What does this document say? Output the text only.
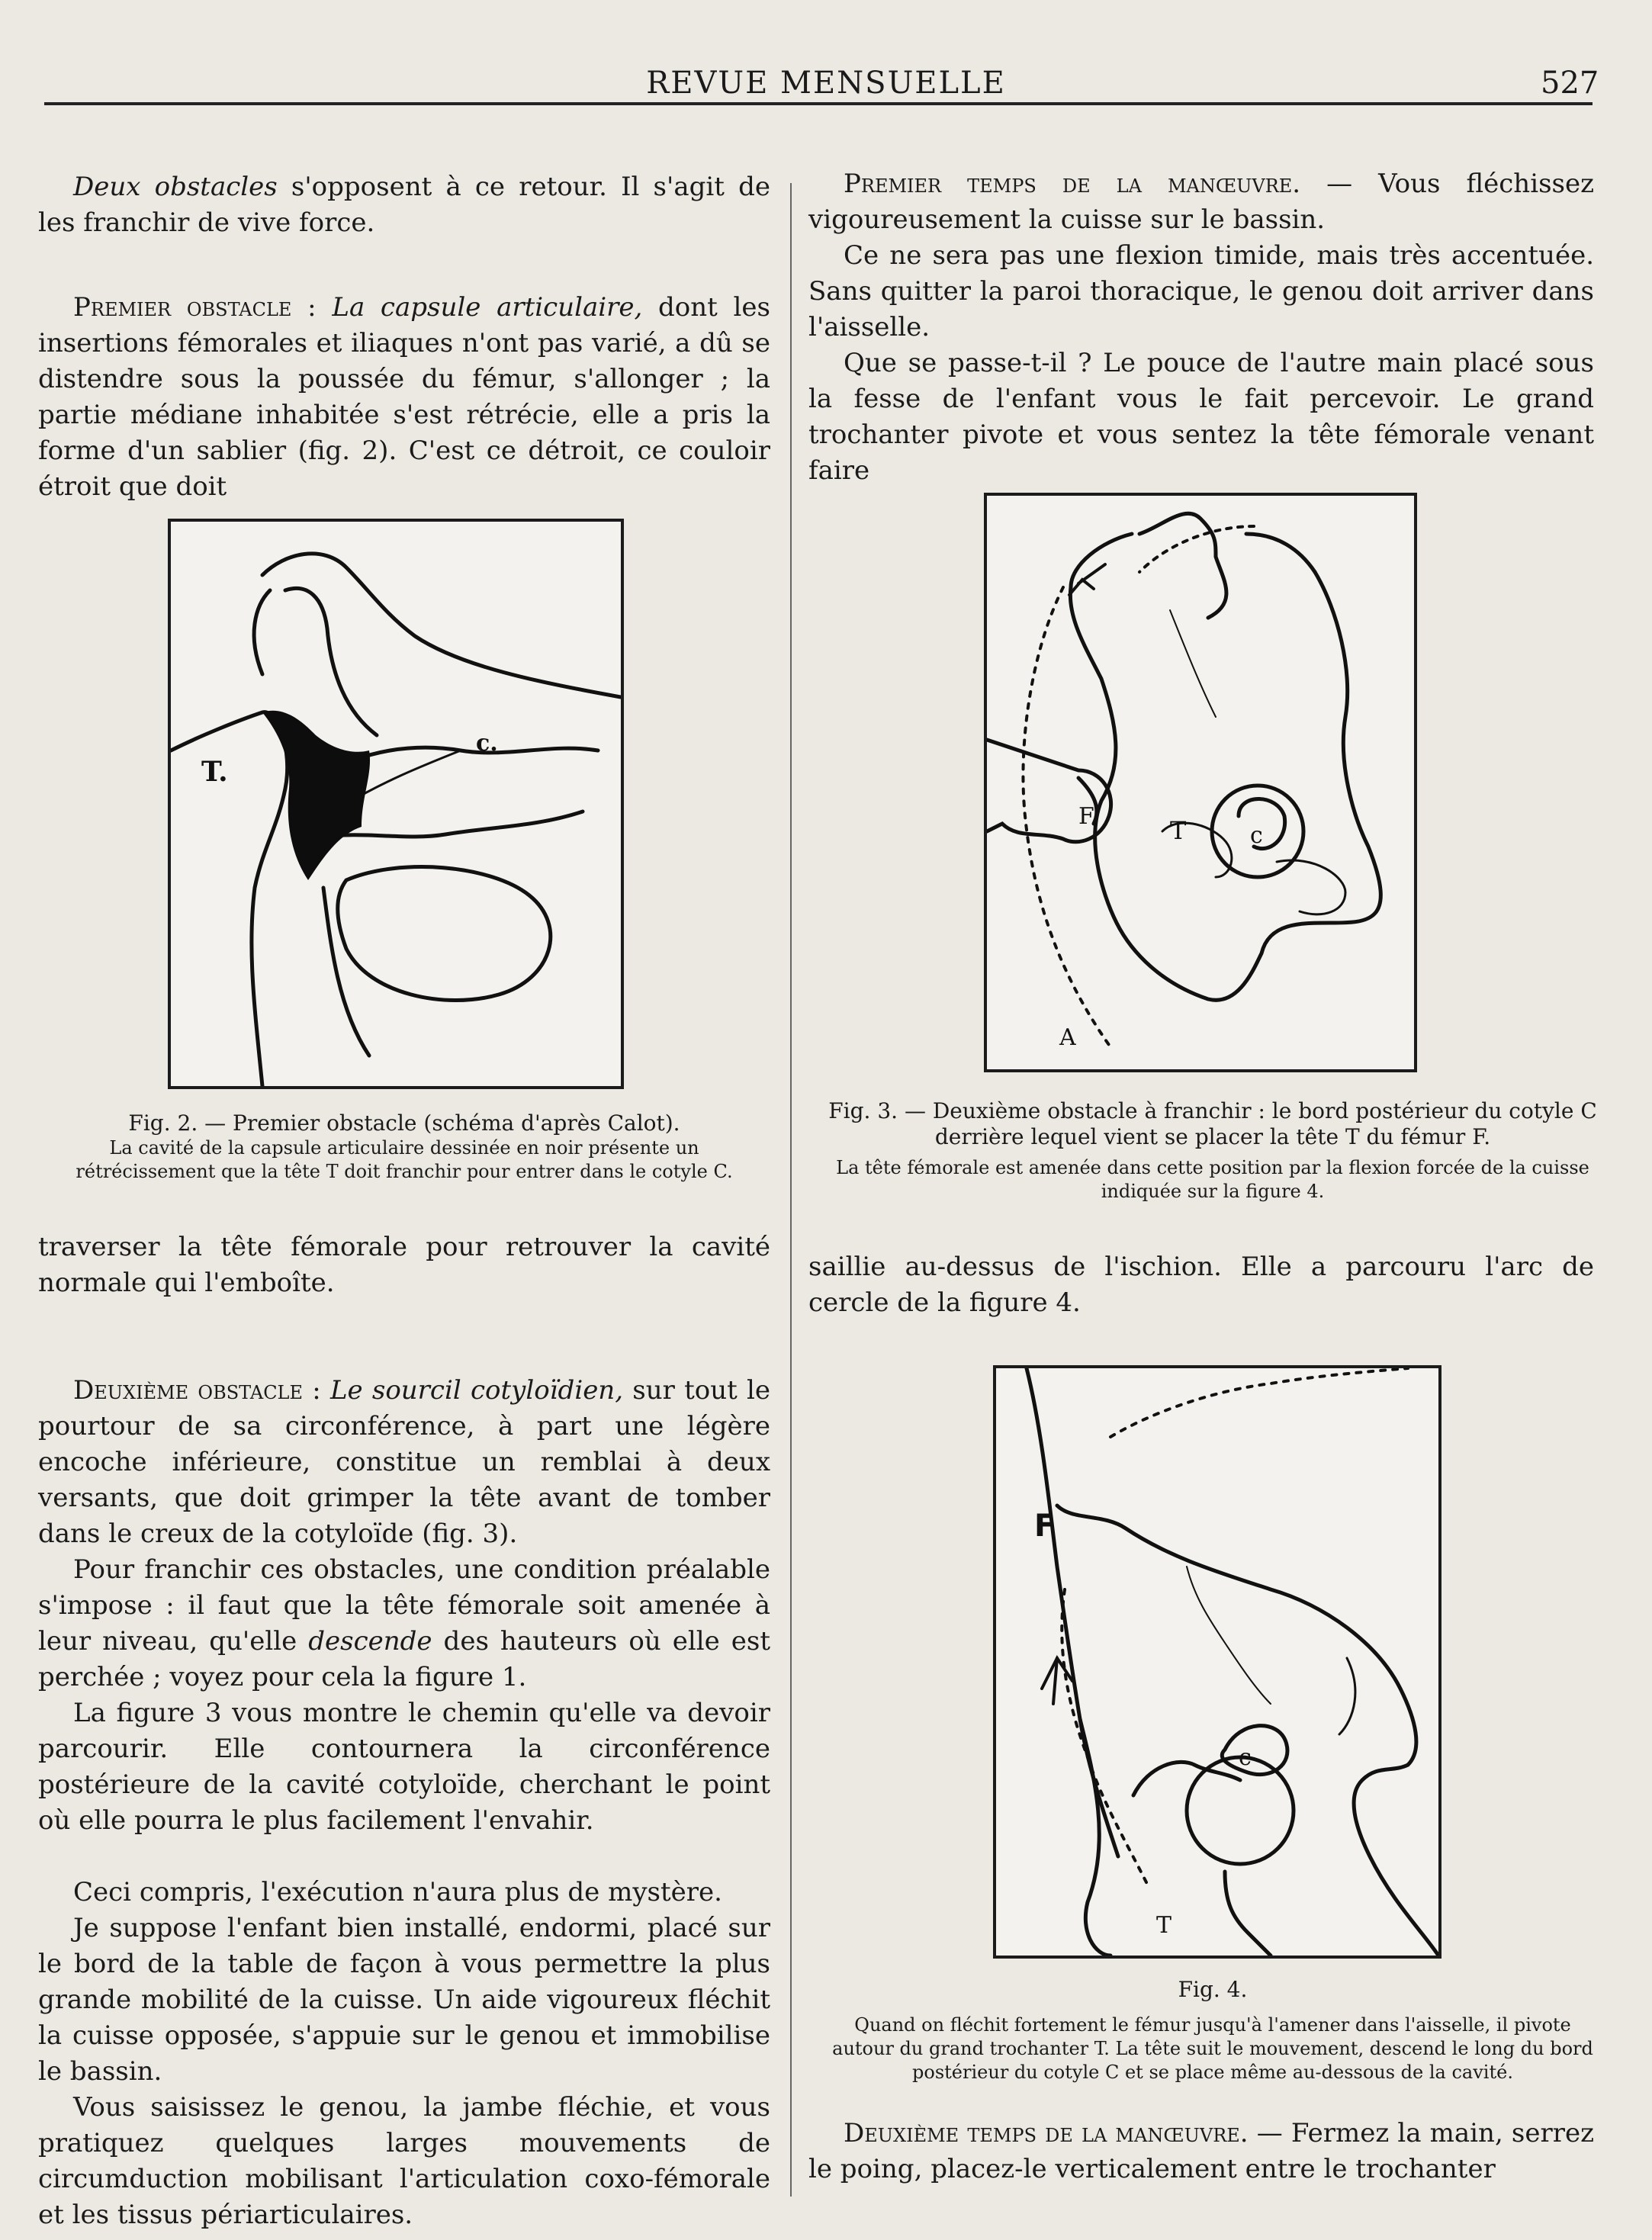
REVUE MENSUELLE	527

Deux obstacles s'opposent à ce retour. Il s'agit de les franchir de vive force.

Premier obstacle : La capsule articulaire, dont les insertions fémorales et iliaques n'ont pas varié, a dû se distendre sous la poussée du fémur, s'allonger ; la partie médiane inhabitée s'est rétrécie, elle a pris la forme d'un sablier (fig. 2). C'est ce détroit, ce couloir étroit que doit

T.
c.
Fig. 2. — Premier obstacle (schéma d'après Calot).
La cavité de la capsule articulaire dessinée en noir présente un rétrécissement que la tête T doit franchir pour entrer dans le cotyle C.

traverser la tête fémorale pour retrouver la cavité normale qui l'emboîte.

Deuxième obstacle : Le sourcil cotyloïdien, sur tout le pourtour de sa circonférence, à part une légère encoche inférieure, constitue un remblai à deux versants, que doit grimper la tête avant de tomber dans le creux de la cotyloïde (fig. 3).

Pour franchir ces obstacles, une condition préalable s'impose : il faut que la tête fémorale soit amenée à leur niveau, qu'elle descende des hauteurs où elle est perchée ; voyez pour cela la figure 1.

La figure 3 vous montre le chemin qu'elle va devoir parcourir. Elle contournera la circonférence postérieure de la cavité cotyloïde, cherchant le point où elle pourra le plus facilement l'envahir.

Ceci compris, l'exécution n'aura plus de mystère.

Je suppose l'enfant bien installé, endormi, placé sur le bord de la table de façon à vous permettre la plus grande mobilité de la cuisse. Un aide vigoureux fléchit la cuisse opposée, s'appuie sur le genou et immobilise le bassin.

Vous saisissez le genou, la jambe fléchie, et vous pratiquez quelques larges mouvements de circumduction mobilisant l'articulation coxo-fémorale et les tissus périarticulaires.

Premier temps de la manœuvre. — Vous fléchissez vigoureusement la cuisse sur le bassin.

Ce ne sera pas une flexion timide, mais très accentuée. Sans quitter la paroi thoracique, le genou doit arriver dans l'aisselle.

Que se passe-t-il ? Le pouce de l'autre main placé sous la fesse de l'enfant vous le fait percevoir. Le grand trochanter pivote et vous sentez la tête fémorale venant faire

F	T	c
A
Fig. 3. — Deuxième obstacle à franchir : le bord postérieur du cotyle C derrière lequel vient se placer la tête T du fémur F.
La tête fémorale est amenée dans cette position par la flexion forcée de la cuisse indiquée sur la figure 4.

saillie au-dessus de l'ischion. Elle a parcouru l'arc de cercle de la figure 4.

F
c
T
Fig. 4.
Quand on fléchit fortement le fémur jusqu'à l'amener dans l'aisselle, il pivote autour du grand trochanter T. La tête suit le mouvement, descend le long du bord postérieur du cotyle C et se place même au-dessous de la cavité.

Deuxième temps de la manœuvre. — Fermez la main, serrez le poing, placez-le verticalement entre le trochanter
